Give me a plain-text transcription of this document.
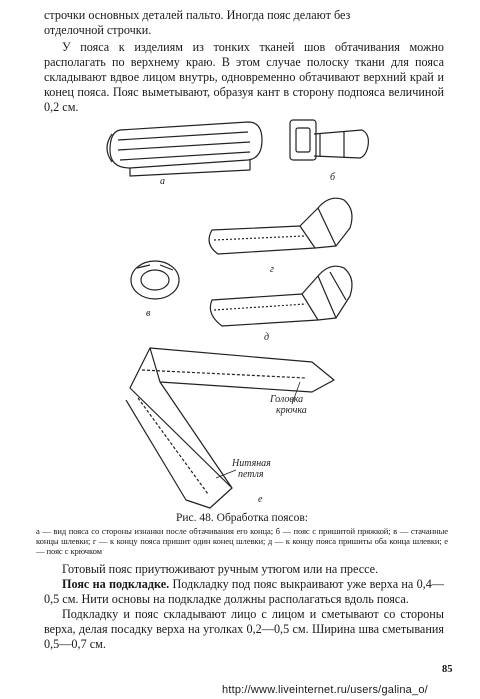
строчки основных деталей пальто. Иногда пояс делают без

отделочной строчки.

У пояса к изделиям из тонких тканей шов обтачивания можно располагать по верхнему краю. В этом случае полоску ткани для пояса складывают вдвое лицом внутрь, одновременно обтачивают верхний край и конец пояса. Пояс выметывают, образуя кант в сторону подпояса величиной 0,2 см.

а	б
в
г
д
е
Головка
крючка
Нитяная
петля
Рис. 48. Обработка поясов:
а — вид пояса со стороны изнанки после обтачивания его конца; б — пояс с пришитой пряжкой; в — стачанные концы шлевки; г — к концу пояса пришит один конец шлевки; д — к концу пояса пришиты оба конца шлевки; е — пояс с крючком

Готовый пояс приутюживают ручным утюгом или на прессе.

Пояс на подкладке. Подкладку под пояс выкраивают уже верха на 0,4—0,5 см. Нити основы на подкладке должны располагаться вдоль пояса.

Подкладку и пояс складывают лицо с лицом и сметывают со стороны верха, делая посадку верха на уголках 0,2—0,5 см. Ширина шва сметывания 0,5—0,7 см.

85
http://www.liveinternet.ru/users/galina_o/
